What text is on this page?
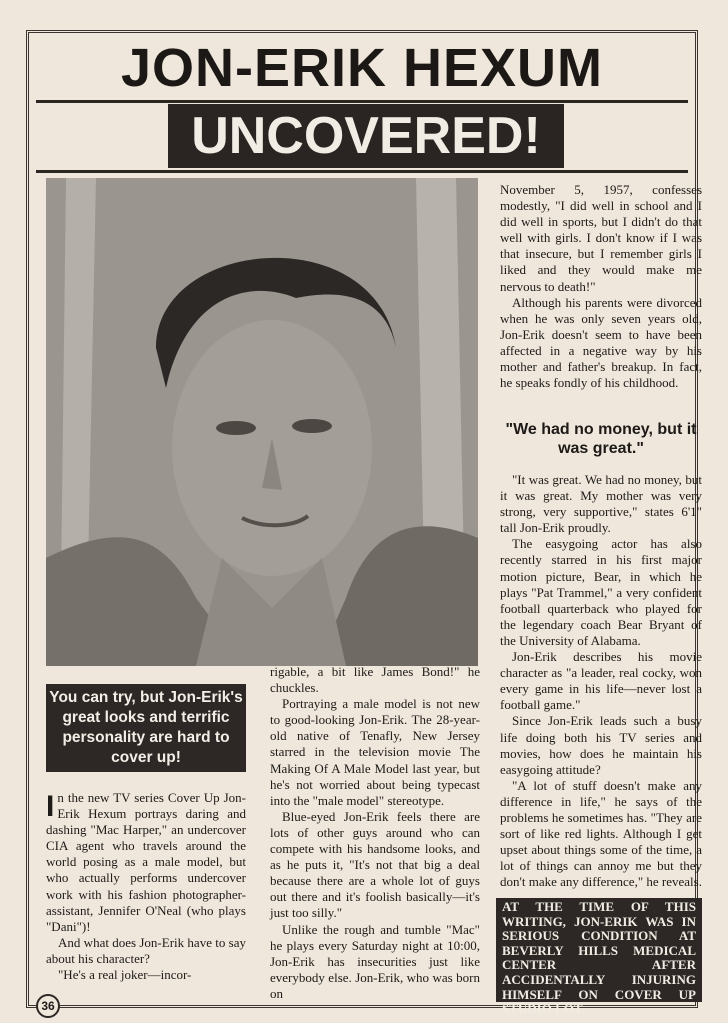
JON-ERIK HEXUM
UNCOVERED!
You can try, but Jon-Erik's great looks and terrific personality are hard to cover up!

In the new TV series Cover Up Jon-Erik Hexum portrays daring and dashing "Mac Harper," an undercover CIA agent who travels around the world posing as a male model, but who actually performs undercover work with his fashion photographer-assistant, Jennifer O'Neal (who plays "Dani")!

And what does Jon-Erik have to say about his character?

"He's a real joker—incor-

rigable, a bit like James Bond!" he chuckles.

Portraying a male model is not new to good-looking Jon-Erik. The 28-year-old native of Tenafly, New Jersey starred in the television movie The Making Of A Male Model last year, but he's not worried about being typecast into the "male model" stereotype.

Blue-eyed Jon-Erik feels there are lots of other guys around who can compete with his handsome looks, and as he puts it, "It's not that big a deal because there are a whole lot of guys out there and it's foolish basically—it's just too silly."

Unlike the rough and tumble "Mac" he plays every Saturday night at 10:00, Jon-Erik has insecurities just like everybody else. Jon-Erik, who was born on

November 5, 1957, confesses modestly, "I did well in school and I did well in sports, but I didn't do that well with girls. I don't know if I was that insecure, but I remember girls I liked and they would make me nervous to death!"

Although his parents were divorced when he was only seven years old, Jon-Erik doesn't seem to have been affected in a negative way by his mother and father's breakup. In fact, he speaks fondly of his childhood.

"We had no money, but it was great."

"It was great. We had no money, but it was great. My mother was very strong, very supportive," states 6'1" tall Jon-Erik proudly.

The easygoing actor has also recently starred in his first major motion picture, Bear, in which he plays "Pat Trammel," a very confident football quarterback who played for the legendary coach Bear Bryant of the University of Alabama.

Jon-Erik describes his movie character as "a leader, real cocky, won every game in his life—never lost a football game."

Since Jon-Erik leads such a busy life doing both his TV series and movies, how does he maintain his easygoing attitude?

"A lot of stuff doesn't make any difference in life," he says of the problems he sometimes has. "They are sort of like red lights. Although I get upset about things some of the time, a lot of things can annoy me but they don't make any difference," he reveals.

AT THE TIME OF THIS WRITING, JON-ERIK WAS IN SERIOUS CONDITION AT BEVERLY HILLS MEDICAL CENTER AFTER ACCIDENTALLY INJURING HIMSELF ON COVER UP STUDIO LOT.
36
